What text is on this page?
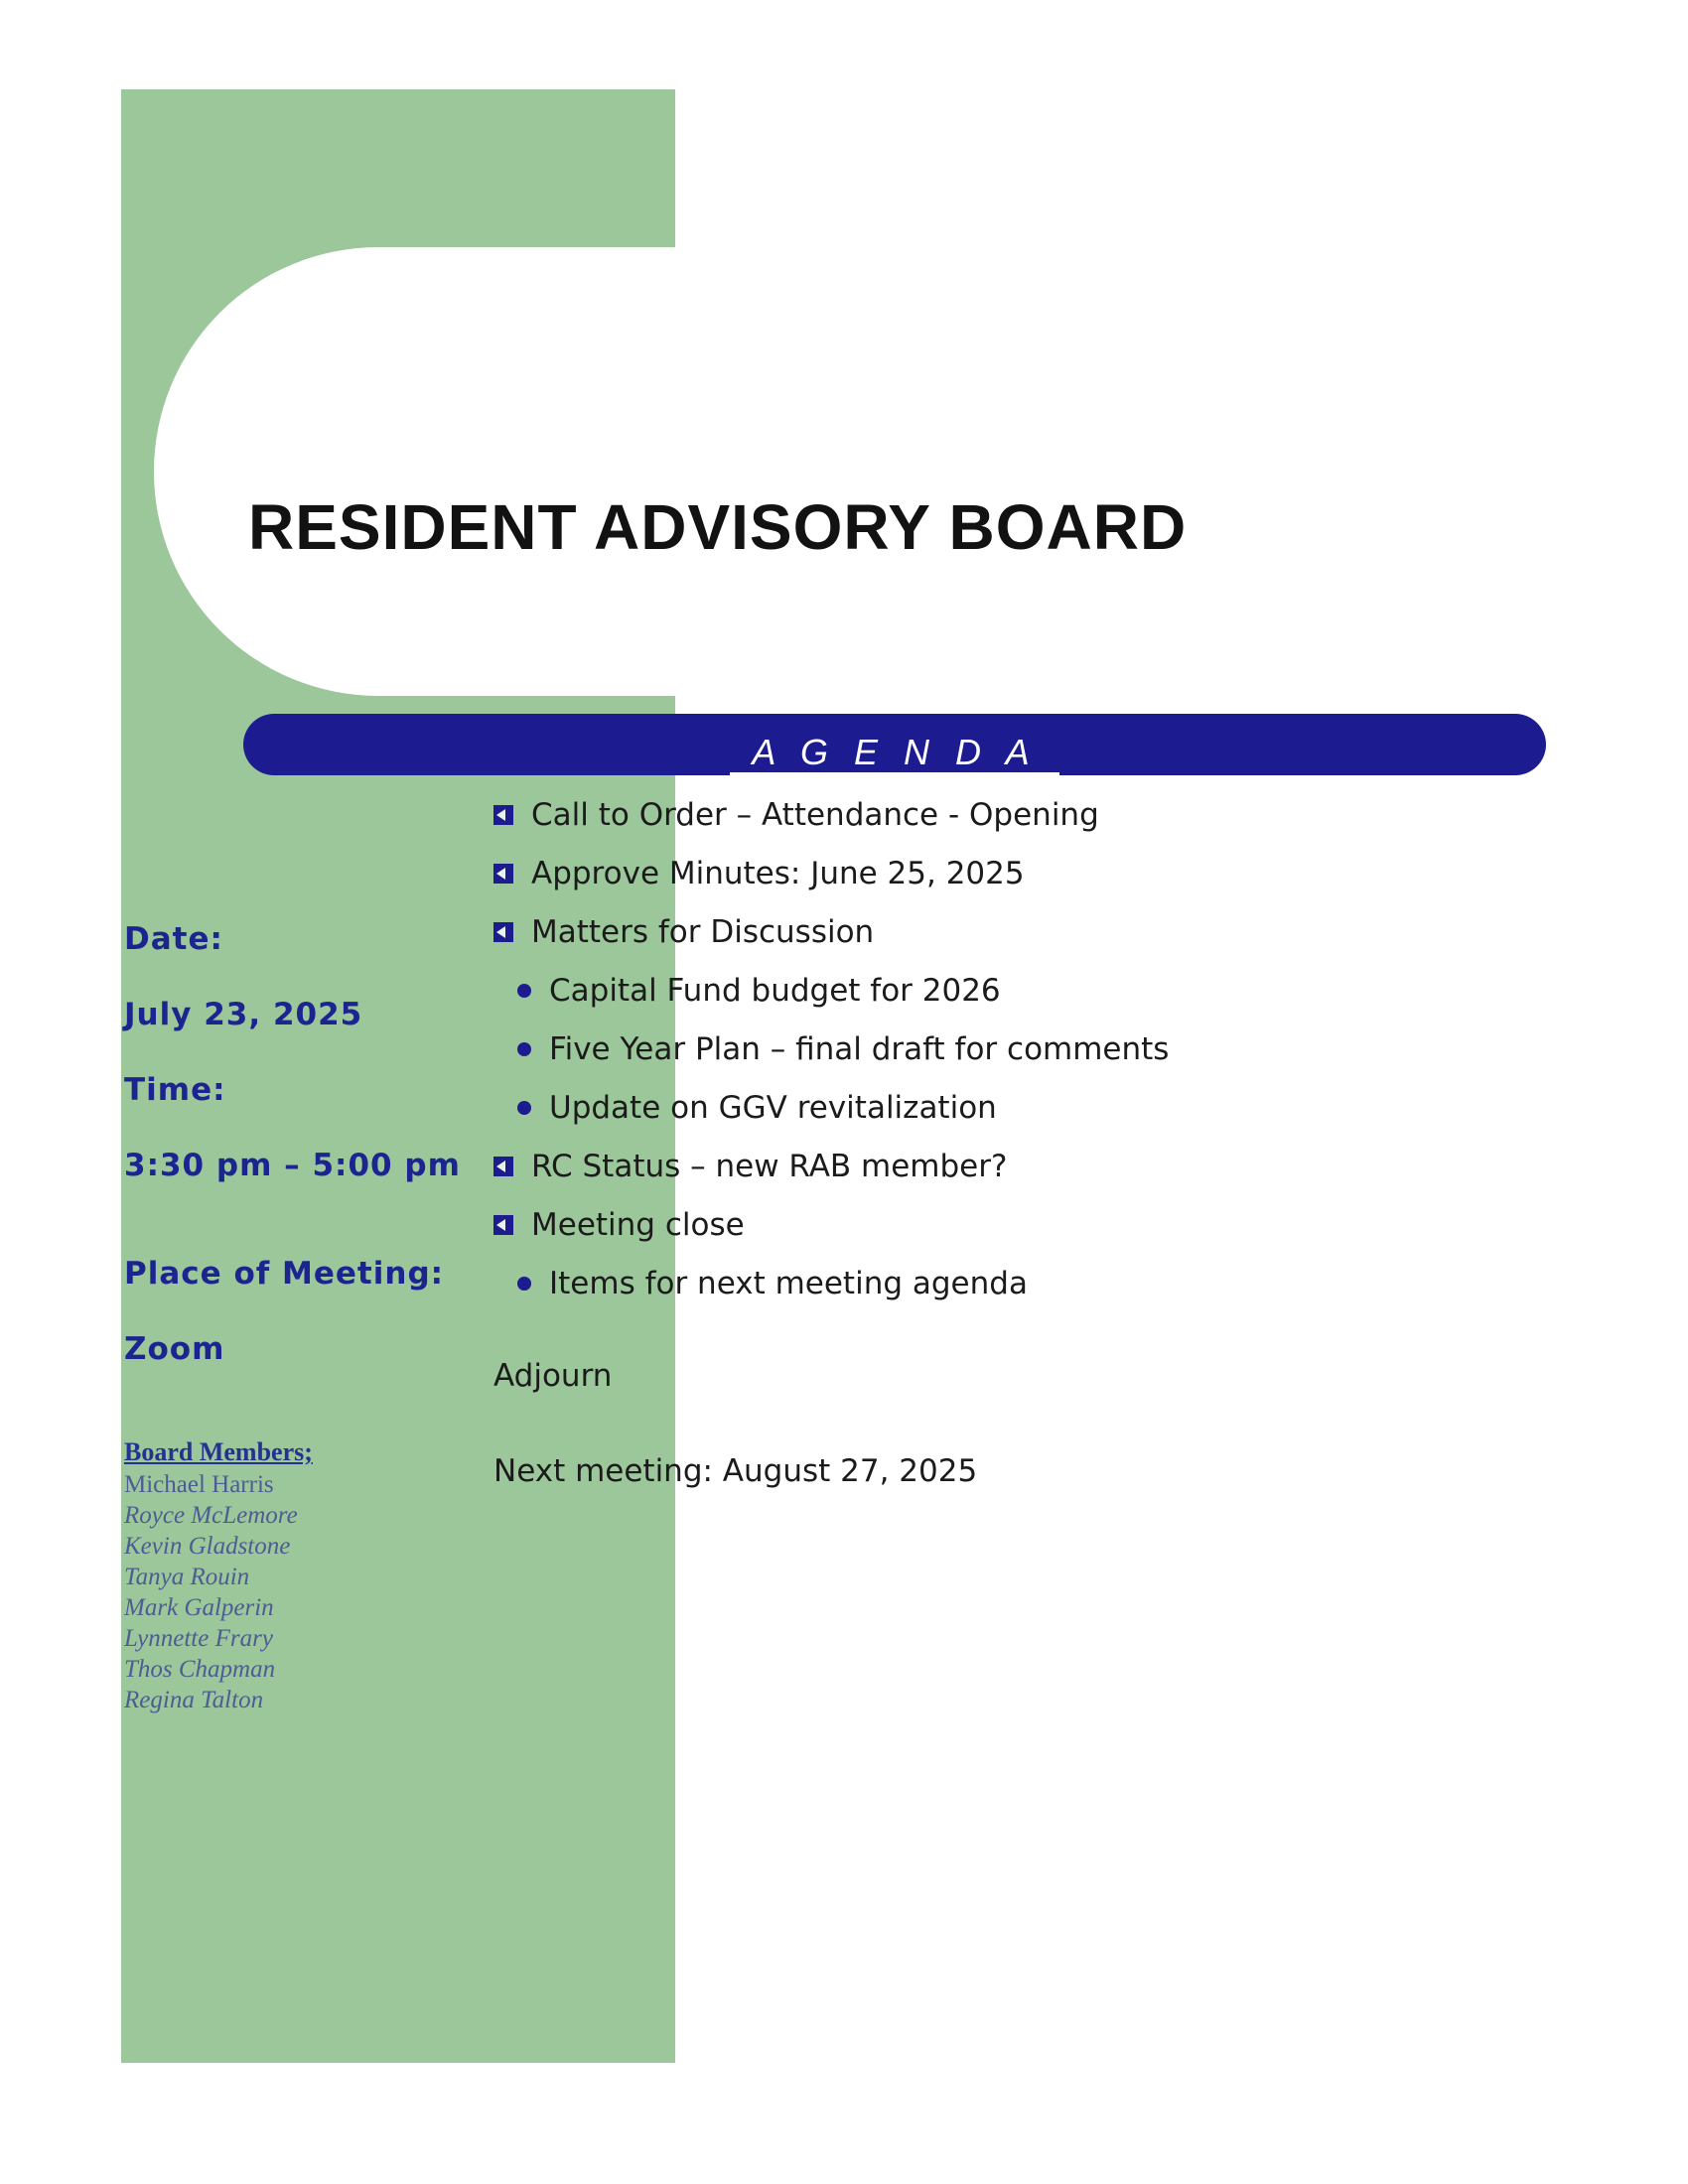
RESIDENT ADVISORY BOARD
A G E N D A
Call to Order – Attendance - Opening
Approve Minutes: June 25, 2025
Matters for Discussion
Capital Fund budget for 2026
Five Year Plan – final draft for comments
Update on GGV revitalization
RC Status – new RAB member?
Meeting close
Items for next meeting agenda
Adjourn
Next meeting: August 27, 2025
Date:
July 23, 2025
Time:
3:30 pm – 5:00 pm
Place of Meeting:
Zoom
Board Members;
Michael Harris
Royce McLemore
Kevin Gladstone
Tanya Rouin
Mark Galperin
Lynnette Frary
Thos Chapman
Regina Talton
